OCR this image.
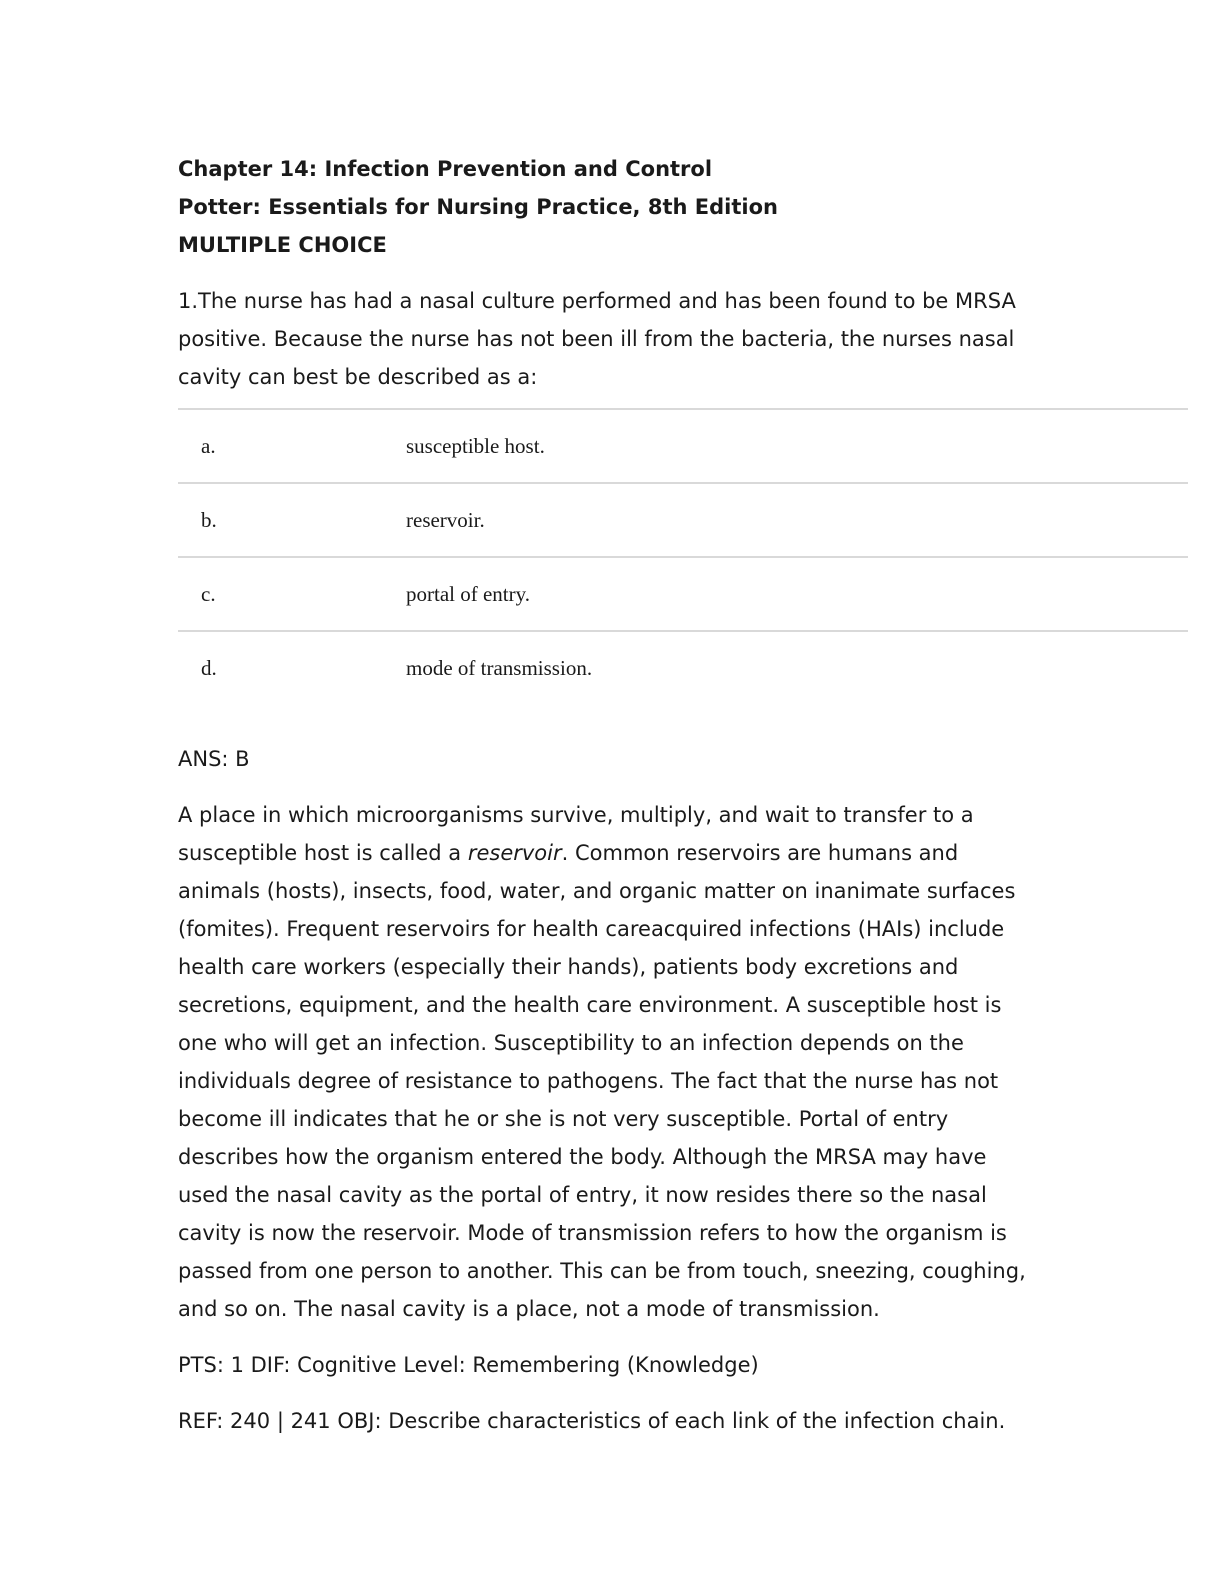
Chapter 14: Infection Prevention and Control

Potter: Essentials for Nursing Practice, 8th Edition

MULTIPLE CHOICE

1.The nurse has had a nasal culture performed and has been found to be MRSA positive. Because the nurse has not been ill from the bacteria, the nurses nasal cavity can best be described as a:

a.	susceptible host.
b.	reservoir.
c.	portal of entry.
d.	mode of transmission.

ANS: B

A place in which microorganisms survive, multiply, and wait to transfer to a susceptible host is called a reservoir. Common reservoirs are humans and animals (hosts), insects, food, water, and organic matter on inanimate surfaces (fomites). Frequent reservoirs for health careacquired infections (HAIs) include health care workers (especially their hands), patients body excretions and secretions, equipment, and the health care environment. A susceptible host is one who will get an infection. Susceptibility to an infection depends on the individuals degree of resistance to pathogens. The fact that the nurse has not become ill indicates that he or she is not very susceptible. Portal of entry describes how the organism entered the body. Although the MRSA may have used the nasal cavity as the portal of entry, it now resides there so the nasal cavity is now the reservoir. Mode of transmission refers to how the organism is passed from one person to another. This can be from touch, sneezing, coughing, and so on. The nasal cavity is a place, not a mode of transmission.

PTS: 1 DIF: Cognitive Level: Remembering (Knowledge)

REF: 240 | 241 OBJ: Describe characteristics of each link of the infection chain.
